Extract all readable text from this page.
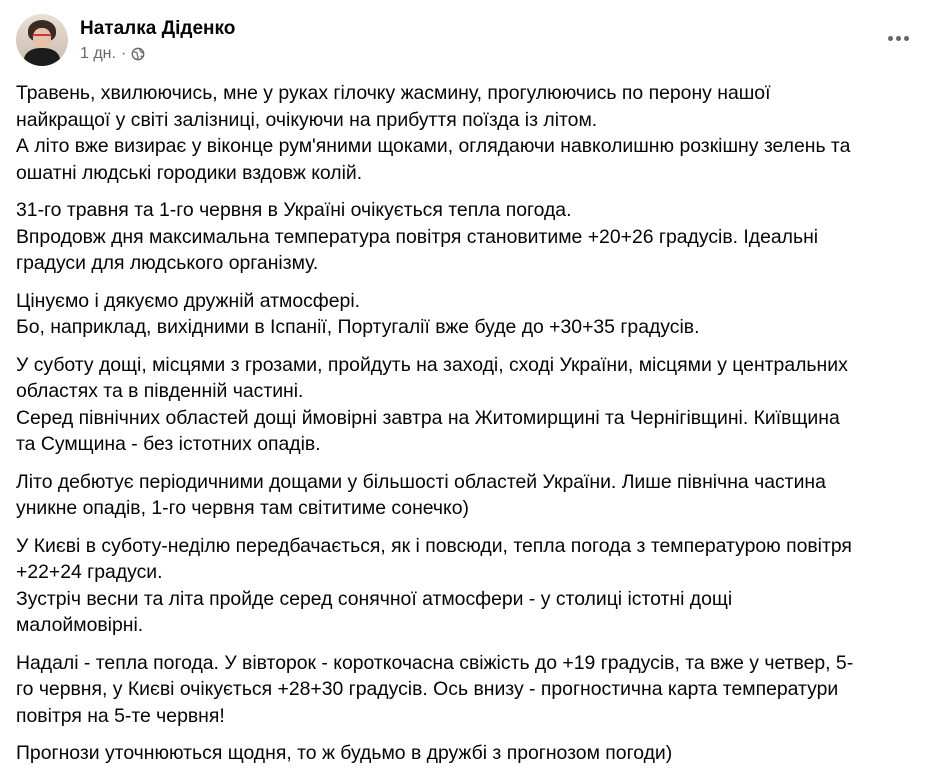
Наталка Діденко
1 дн. ·
Травень, хвилюючись, мне у руках гілочку жасмину, прогулюючись по перону нашої
найкращої у світі залізниці, очікуючи на прибуття поїзда із літом.
А літо вже визирає у віконце рум'яними щоками, оглядаючи навколишню розкішну зелень та
ошатні людські городики вздовж колій.
31-го травня та 1-го червня в Україні очікується тепла погода.
Впродовж дня максимальна температура повітря становитиме +20+26 градусів. Ідеальні
градуси для людського організму.
Цінуємо і дякуємо дружній атмосфері.
Бо, наприклад, вихідними в Іспанії, Португалії вже буде до +30+35 градусів.
У суботу дощі, місцями з грозами, пройдуть на заході, сході України, місцями у центральних
областях та в південній частині.
Серед північних областей дощі ймовірні завтра на Житомирщині та Чернігівщині. Київщина
та Сумщина - без істотних опадів.
Літо дебютує періодичними дощами у більшості областей України. Лише північна частина
уникне опадів, 1-го червня там світитиме сонечко)
У Києві в суботу-неділю передбачається, як і повсюди, тепла погода з температурою повітря
+22+24 градуси.
Зустріч весни та літа пройде серед сонячної атмосфери - у столиці істотні дощі
малоймовірні.
Надалі - тепла погода. У вівторок - короткочасна свіжість до +19 градусів, та вже у четвер, 5-
го червня, у Києві очікується +28+30 градусів. Ось внизу - прогностична карта температури
повітря на 5-те червня!
Прогнози уточнюються щодня, то ж будьмо в дружбі з прогнозом погоди)
